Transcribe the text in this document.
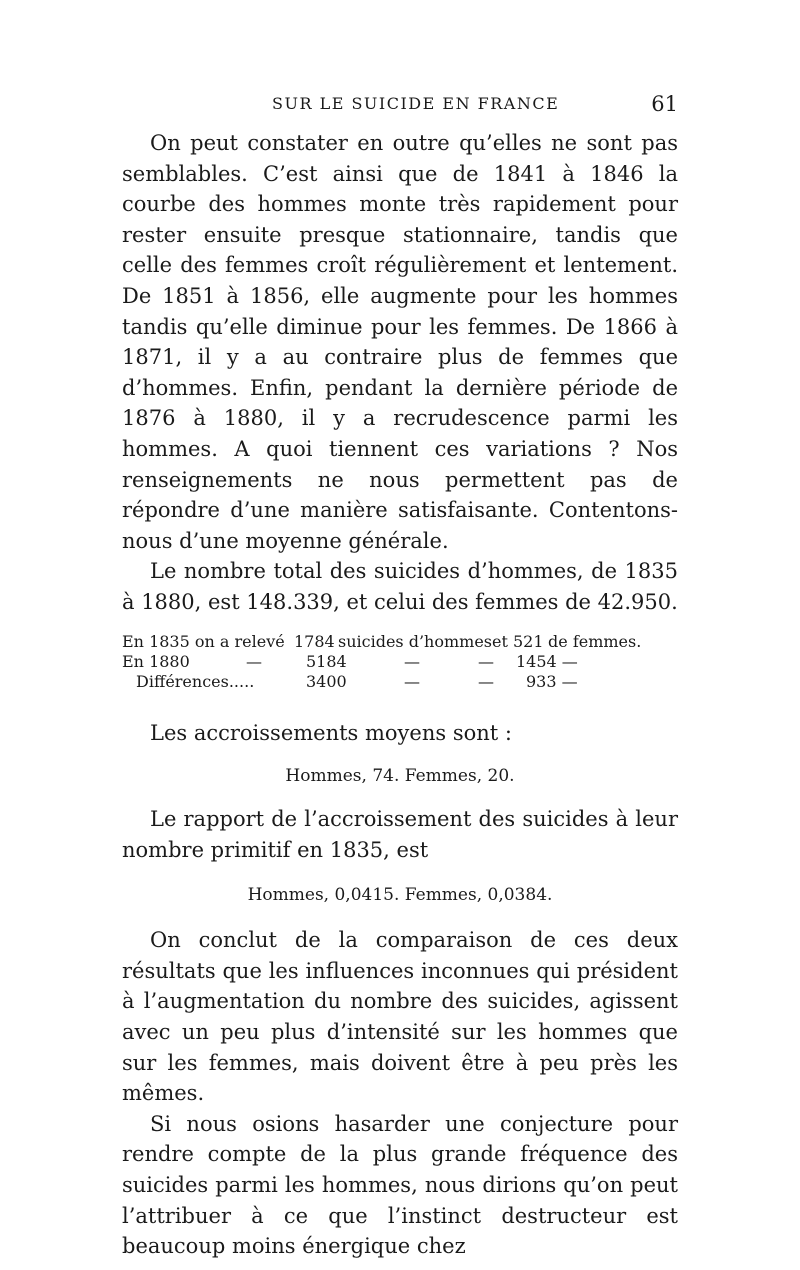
SUR LE SUICIDE EN FRANCE	61

On peut constater en outre qu’elles ne sont pas semblables. C’est ainsi que de 1841 à 1846 la courbe des hommes monte très rapidement pour rester ensuite presque stationnaire, tandis que celle des femmes croît régulièrement et lentement. De 1851 à 1856, elle augmente pour les hommes tandis qu’elle diminue pour les femmes. De 1866 à 1871, il y a au contraire plus de femmes que d’hommes. Enfin, pendant la dernière période de 1876 à 1880, il y a recrudescence parmi les hommes. A quoi tiennent ces variations ? Nos renseignements ne nous permettent pas de répondre d’une manière satisfaisante. Contentons-nous d’une moyenne générale.

Le nombre total des suicides d’hommes, de 1835 à 1880, est 148.339, et celui des femmes de 42.950.

En 1835 on a relevé	1784	suicides d’hommes	et 521	de femmes.	
En 1880	—	5184	—	—	1454 —
Différences.....		3400	—	—	933 —

Les accroissements moyens sont :

Hommes, 74. Femmes, 20.

Le rapport de l’accroissement des suicides à leur nombre primitif en 1835, est

Hommes, 0,0415. Femmes, 0,0384.

On conclut de la comparaison de ces deux résultats que les influences inconnues qui président à l’augmentation du nombre des suicides, agissent avec un peu plus d’intensité sur les hommes que sur les femmes, mais doivent être à peu près les mêmes.

Si nous osions hasarder une conjecture pour rendre compte de la plus grande fréquence des suicides parmi les hommes, nous dirions qu’on peut l’attribuer à ce que l’instinct destructeur est beaucoup moins énergique chez
